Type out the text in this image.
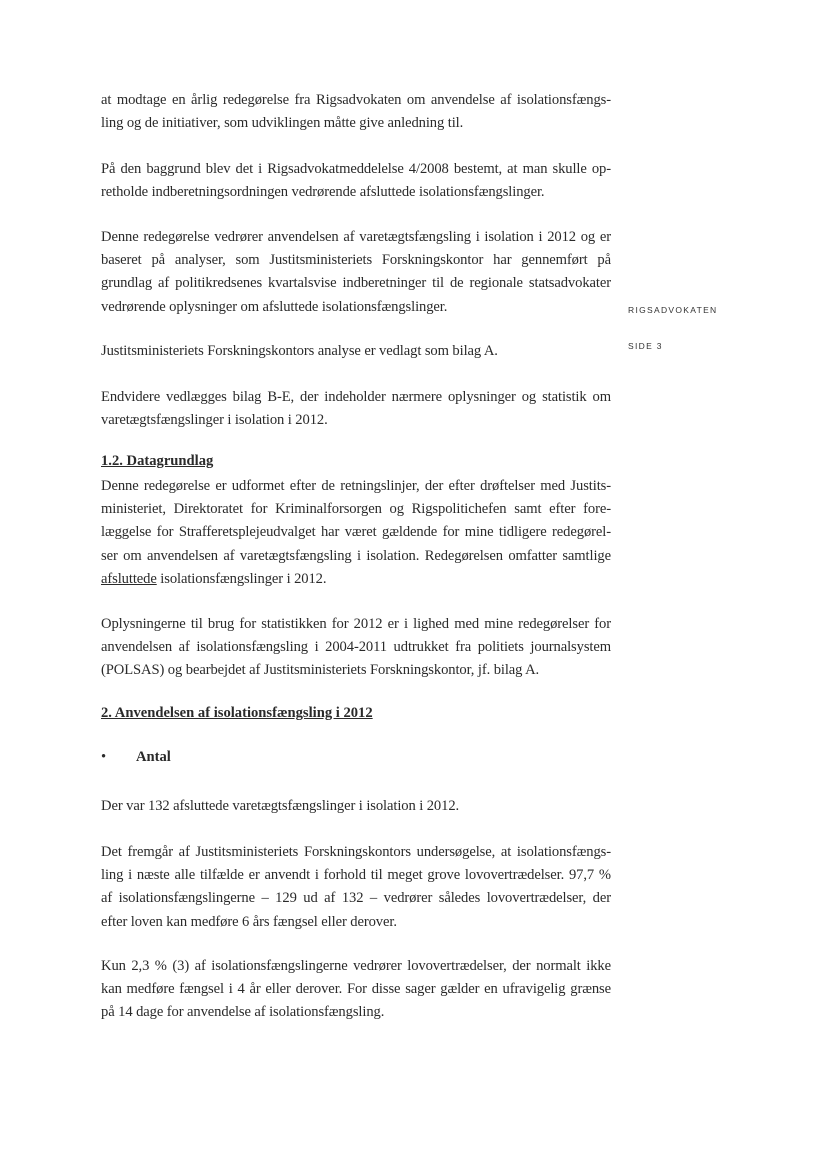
at modtage en årlig redegørelse fra Rigsadvokaten om anvendelse af isolationsfængs-
ling og de initiativer, som udviklingen måtte give anledning til.
På den baggrund blev det i Rigsadvokatmeddelelse 4/2008 bestemt, at man skulle op-
retholde indberetningsordningen vedrørende afsluttede isolationsfængslinger.
Denne redegørelse vedrører anvendelsen af varetægtsfængsling i isolation i 2012 og er
baseret på analyser, som Justitsministeriets Forskningskontor har gennemført på
grundlag af politikredsenes kvartalsvise indberetninger til de regionale statsadvokater
vedrørende oplysninger om afsluttede isolationsfængslinger.
Justitsministeriets Forskningskontors analyse er vedlagt som bilag A.
Endvidere vedlægges bilag B-E, der indeholder nærmere oplysninger og statistik om
varetægtsfængslinger i isolation i 2012.
1.2. Datagrundlag
Denne redegørelse er udformet efter de retningslinjer, der efter drøftelser med Justits-
ministeriet, Direktoratet for Kriminalforsorgen og Rigspolitichefen samt efter fore-
læggelse for Strafferetsplejeudvalget har været gældende for mine tidligere redegørel-
ser om anvendelsen af varetægtsfængsling i isolation. Redegørelsen omfatter samtlige
afsluttede isolationsfængslinger i 2012.
Oplysningerne til brug for statistikken for 2012 er i lighed med mine redegørelser for
anvendelsen af isolationsfængsling i 2004-2011 udtrukket fra politiets journalsystem
(POLSAS) og bearbejdet af Justitsministeriets Forskningskontor, jf. bilag A.
2. Anvendelsen af isolationsfængsling i 2012
• Antal
Der var 132 afsluttede varetægtsfængslinger i isolation i 2012.
Det fremgår af Justitsministeriets Forskningskontors undersøgelse, at isolationsfængs-
ling i næste alle tilfælde er anvendt i forhold til meget grove lovovertrædelser. 97,7 %
af isolationsfængslingerne – 129 ud af 132 – vedrører således lovovertrædelser, der
efter loven kan medføre 6 års fængsel eller derover.
Kun 2,3 % (3) af isolationsfængslingerne vedrører lovovertrædelser, der normalt ikke
kan medføre fængsel i 4 år eller derover. For disse sager gælder en ufravigelig grænse
på 14 dage for anvendelse af isolationsfængsling.
RIGSADVOKATEN
SIDE 3
